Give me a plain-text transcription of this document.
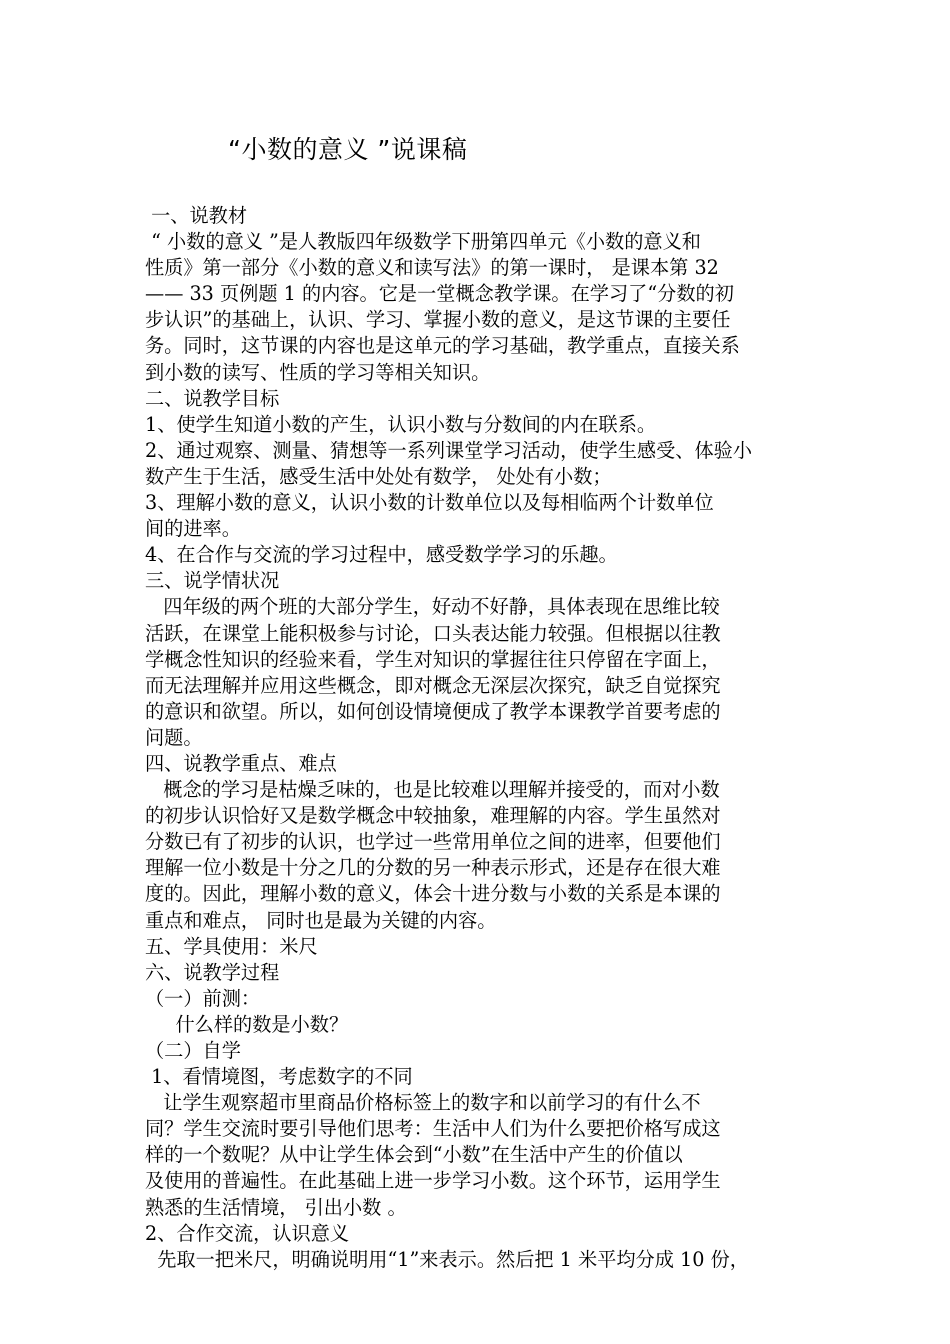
“小数的意义 ”说课稿
一、说教材
“ 小数的意义 ”是人教版四年级数学下册第四单元《小数的意义和
性质》第一部分《小数的意义和读写法》的第一课时， 是课本第 32
—— 33 页例题 1 的内容。它是一堂概念教学课。在学习了“分数的初
步认识”的基础上，认识、学习、掌握小数的意义，是这节课的主要任
务。同时，这节课的内容也是这单元的学习基础，教学重点，直接关系
到小数的读写、性质的学习等相关知识。
二、说教学目标
1、使学生知道小数的产生，认识小数与分数间的内在联系。
2、通过观察、测量、猜想等一系列课堂学习活动，使学生感受、体验小
数产生于生活，感受生活中处处有数学， 处处有小数；
3、理解小数的意义，认识小数的计数单位以及每相临两个计数单位
间的进率。
4、在合作与交流的学习过程中，感受数学学习的乐趣。
三、说学情状况
四年级的两个班的大部分学生，好动不好静，具体表现在思维比较
活跃，在课堂上能积极参与讨论，口头表达能力较强。但根据以往教
学概念性知识的经验来看，学生对知识的掌握往往只停留在字面上，
而无法理解并应用这些概念，即对概念无深层次探究，缺乏自觉探究
的意识和欲望。所以，如何创设情境便成了教学本课教学首要考虑的
问题。
四、说教学重点、难点
概念的学习是枯燥乏味的，也是比较难以理解并接受的，而对小数
的初步认识恰好又是数学概念中较抽象，难理解的内容。学生虽然对
分数已有了初步的认识，也学过一些常用单位之间的进率，但要他们
理解一位小数是十分之几的分数的另一种表示形式，还是存在很大难
度的。因此，理解小数的意义，体会十进分数与小数的关系是本课的
重点和难点， 同时也是最为关键的内容。
五、学具使用：米尺
六、说教学过程
（一）前测：
什么样的数是小数？
（二）自学
1、看情境图，考虑数字的不同
让学生观察超市里商品价格标签上的数字和以前学习的有什么不
同？学生交流时要引导他们思考：生活中人们为什么要把价格写成这
样的一个数呢？从中让学生体会到“小数”在生活中产生的价值以
及使用的普遍性。在此基础上进一步学习小数。这个环节，运用学生
熟悉的生活情境， 引出小数 。
2、合作交流，认识意义
先取一把米尺，明确说明用“1”来表示。然后把 1 米平均分成 10 份，
